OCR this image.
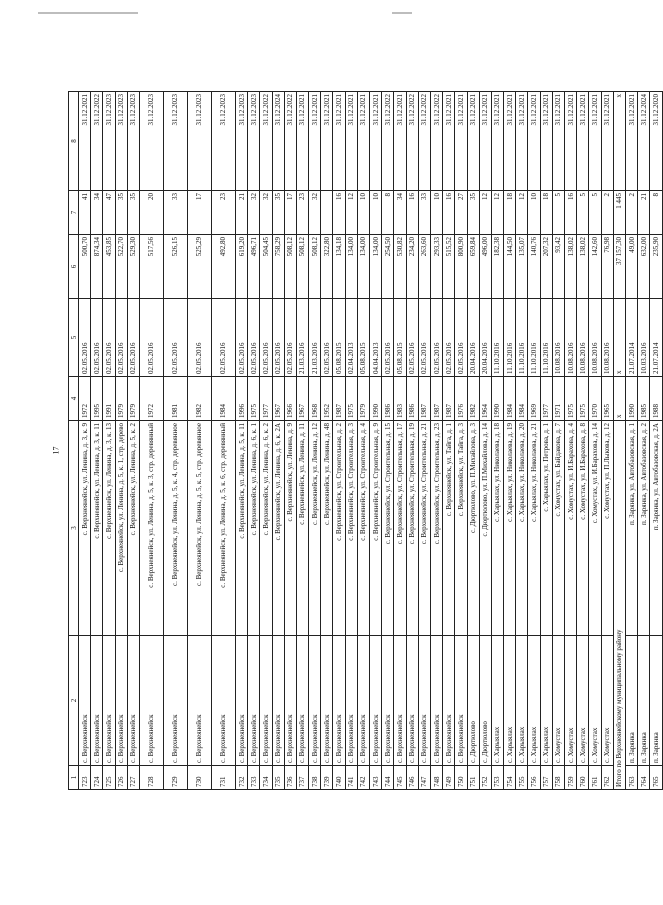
17
1	2	3	4	5	6	7	8
723	с. Верхнеянейск	с. Верхнеянейск, ул. Ленина, д. 3, к. 9	1972	02.05.2016	500,70	41	31.12.2021
724	с. Верхнеянейск	с. Верхнеянейск, ул. Ленина, д. 3, к. 11	1995	02.05.2016	874,34	34	31.12.2022
725	с. Верхнеянейск	с. Верхнеянейск, ул. Ленина, д. 3, к. 13	1991	02.05.2016	453,85	47	31.12.2023
726	с. Верхнеянейск	с. Верхнеянейск, ул. Ленина, д. 5, к. 1, стр. дерево	1979	02.05.2016	522,70	35	31.12.2023
727	с. Верхнеянейск	с. Верхнеянейск, ул. Ленина, д. 5, к. 2	1979	02.05.2016	529,30	35	31.12.2023
728	с. Верхнеянейск	с. Верхнеянейск, ул. Ленина, д. 5, к. 3, стр. деревянный	1972	02.05.2016	517,56	20	31.12.2023
729	с. Верхнеянейск	с. Верхнеянейск, ул. Ленина, д. 5, к. 4, стр. деревянное	1981	02.05.2016	526,15	33	31.12.2023
730	с. Верхнеянейск	с. Верхнеянейск, ул. Ленина, д. 5, к. 5, стр. деревянное	1982	02.05.2016	525,29	17	31.12.2023
731	с. Верхнеянейск	с. Верхнеянейск, ул. Ленина, д. 5, к. 6, стр. деревянный	1984	02.05.2016	492,80	23	31.12.2023
732	с. Верхнеянейск	с. Верхнеянейск, ул. Ленина, д. 5, к. 11	1996	02.05.2016	619,20	21	31.12.2023
733	с. Верхнеянейск	с. Верхнеянейск, ул. Ленина, д. 6, к. 1	1975	02.05.2016	496,71	32	31.12.2023
734	с. Верхнеянейск	с. Верхнеянейск, ул. Ленина, д. 6, к. 2	1977	02.05.2016	504,45	32	31.12.2022
735	с. Верхнеянейск	с. Верхнеянейск, ул. Ленина, д. 6, к. 2А	1967	02.05.2016	758,29	35	31.12.2024
736	с. Верхнеянейск	с. Верхнеянейск, ул. Ленина, д. 9	1966	02.05.2016	508,12	17	31.12.2022
737	с. Верхнеянейск	с. Верхнеянейск, ул. Ленина, д. 11	1967	21.03.2016	508,12	23	31.12.2021
738	с. Верхнеянейск	с. Верхнеянейск, ул. Ленина, д. 12	1968	21.03.2016	508,12	32	31.12.2021
739	с. Верхнеянейск	с. Верхнеянейск, ул. Ленина, д. 48	1952	02.05.2016	322,80		31.12.2021
740	с. Верхнеянейск	с. Верхнеянейск, ул. Строительная, д. 2	1987	05.08.2015	134,18	16	31.12.2021
741	с. Верхнеянейск	с. Верхнеянейск, ул. Строительная, д. 3	1975	02.04.2013	134,00	12	31.12.2021
742	с. Верхнеянейск	с. Верхнеянейск, ул. Строительная, д. 4	1979	05.08.2015	134,00	10	31.12.2021
743	с. Верхнеянейск	с. Верхнеянейск, ул. Строительная, д. 9	1990	04.04.2013	134,00	10	31.12.2021
744	с. Верхнеянейск	с. Верхнеянейск, ул. Строительная, д. 15	1986	02.05.2016	254,50	8	31.12.2022
745	с. Верхнеянейск	с. Верхнеянейск, ул. Строительная, д. 17	1983	05.08.2015	530,82	34	31.12.2021
746	с. Верхнеянейск	с. Верхнеянейск, ул. Строительная, д. 19	1986	02.05.2016	234,20	16	31.12.2022
747	с. Верхнеянейск	с. Верхнеянейск, ул. Строительная, д. 21	1987	02.05.2016	263,60	33	31.12.2022
748	с. Верхнеянейск	с. Верхнеянейск, ул. Строительная, д. 23	1987	02.05.2016	293,33	10	31.12.2022
749	с. Верхнеянейск	с. Верхнеянейск, ул. Тайга, д. 1	1987	02.05.2016	515,52	16	31.12.2021
750	с. Верхнеянейск	с. Верхнеянейск, ул. Тайга, д. 3	1976	02.05.2016	800,90	27	31.12.2021
751	с. Дюртюлово	с. Дюртюлово, ул. П.Михайлова, д. 3	1982	20.04.2016	659,84	35	31.12.2021
752	с. Дюртюлово	с. Дюртюлово, ул. П.Михайлова, д. 14	1964	20.04.2016	496,00	12	31.12.2021
753	с. Харыялах	с. Харыялах, ул. Николаева, д. 18	1990	11.10.2016	182,38	12	31.12.2021
754	с. Харыялах	с. Харыялах, ул. Николаева, д. 19	1984	11.10.2016	144,50	18	31.12.2021
755	с. Харыялах	с. Харыялах, ул. Николаева, д. 20	1984	11.10.2016	135,07	12	31.12.2021
756	с. Харыялах	с. Харыялах, ул. Николаева, д. 21	1969	11.10.2016	140,76	10	31.12.2021
757	с. Харыялах	с. Харыялах, ул. Петрова, д. 1	1977	11.10.2016	207,32	18	31.12.2021
758	с. Хомустах	с. Хомустах, ул. Байдакова, д. 7	1971	10.08.2016	93,42	5	31.12.2021
759	с. Хомустах	с. Хомустах, ул. И.Барахова, д. 4	1975	10.08.2016	138,02	16	31.12.2021
760	с. Хомустах	с. Хомустах, ул. И.Барахова, д. 8	1975	10.08.2016	138,02	5	31.12.2021
761	с. Хомустах	с. Хомустах, ул. И.Барахова, д. 14	1970	10.08.2016	142,60	5	31.12.2021
762	с. Хомустах	с. Хомустах, ул. П.Лыкова, д. 12	1965	10.08.2016	76,98	2	31.12.2021
Итого по Верхнеянейскому муниципальному району			x	x	37 157,30	1 445	x
763	п. Зарянка	п. Зарянка, ул. Автобазовская, д. 1	1990	21.07.2014	49,00	2	31.12.2021
764	п. Зарянка	п. Зарянка, ул. Автобазовская, д. 2	1985	10.03.2016	632,00	21	31.12.2024
765	п. Зарянка	п. Зарянка, ул. Автобазовская, д. 2А	1988	21.07.2014	235,90	8	31.12.2020
